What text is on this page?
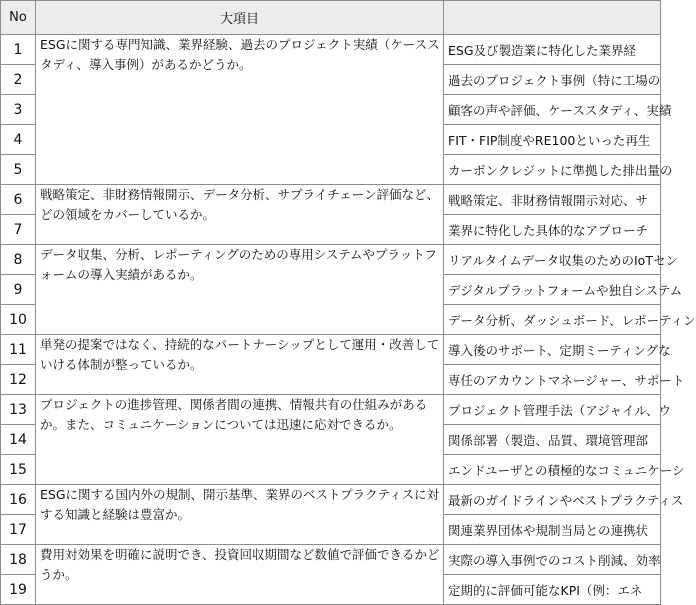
No	大項目	
1	ESGに関する専門知識、業界経験、過去のプロジェクト実績（ケーススタディ、導入事例）があるかどうか。	ESG及び製造業に特化した業界経
2		過去のプロジェクト事例（特に工場の
3		顧客の声や評価、ケーススタディ、実績
4		FIT・FIP制度やRE100といった再生
5		カーボンクレジットに準拠した排出量の
6	戦略策定、非財務情報開示、データ分析、サプライチェーン評価など、どの領域をカバーしているか。	戦略策定、非財務情報開示対応、サ
7		業界に特化した具体的なアプローチ
8	データ収集、分析、レポーティングのための専用システムやプラットフォームの導入実績があるか。	リアルタイムデータ収集のためのIoTセン
9		デジタルプラットフォームや独自システム
10		データ分析、ダッシュボード、レポーティン
11	単発の提案ではなく、持続的なパートナーシップとして運用・改善していける体制が整っているか。	導入後のサポート、定期ミーティングな
12		専任のアカウントマネージャー、サポート
13	プロジェクトの進捗管理、関係者間の連携、情報共有の仕組みがあるか。また、コミュニケーションについては迅速に応対できるか。	プロジェクト管理手法（アジャイル、ウ
14		関係部署（製造、品質、環境管理部
15		エンドユーザとの積極的なコミュニケーシ
16	ESGに関する国内外の規制、開示基準、業界のベストプラクティスに対する知識と経験は豊富か。	最新のガイドラインやベストプラクティス
17		関連業界団体や規制当局との連携状
18	費用対効果を明確に説明でき、投資回収期間など数値で評価できるかどうか。	実際の導入事例でのコスト削減、効率
19		定期的に評価可能なKPI（例：エネ
